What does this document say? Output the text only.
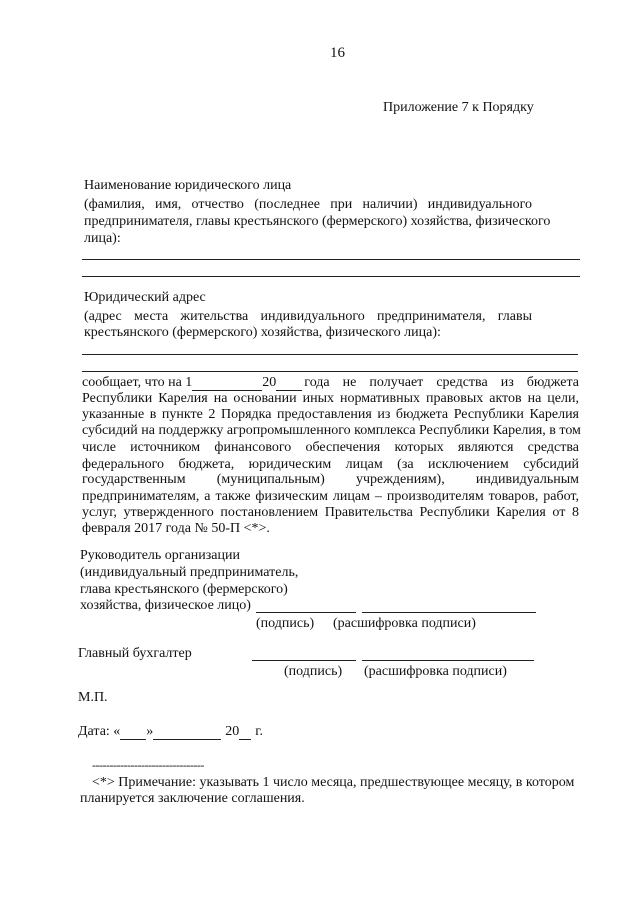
16
Приложение 7 к Порядку
Наименование юридического лица
(фамилия, имя, отчество (последнее при наличии) индивидуального
предпринимателя, главы крестьянского (фермерского) хозяйства, физического
лица):
Юридический адрес
(адрес места жительства индивидуального предпринимателя, главы
крестьянского (фермерского) хозяйства, физического лица):
сообщает, что на 1	20 года не получает средства из бюджета
Республики Карелия на основании иных нормативных правовых актов на цели,
указанные в пункте 2 Порядка предоставления из бюджета Республики Карелия
субсидий на поддержку агропромышленного комплекса Республики Карелия, в том
числе источником финансового обеспечения которых являются средства
федерального бюджета, юридическим лицам (за исключением субсидий
государственным (муниципальным) учреждениям), индивидуальным
предпринимателям, а также физическим лицам – производителям товаров, работ,
услуг, утвержденного постановлением Правительства Республики Карелия от 8
февраля 2017 года № 50-П <*>.
Руководитель организации
(индивидуальный предприниматель,
глава крестьянского (фермерского)
хозяйства, физическое лицо)
(подпись) (расшифровка подписи)
Главный бухгалтер
(подпись) (расшифровка подписи)
М.П.
Дата: « »	20 г.
--------------------------------
<*> Примечание: указывать 1 число месяца, предшествующее месяцу, в котором
планируется заключение соглашения.
